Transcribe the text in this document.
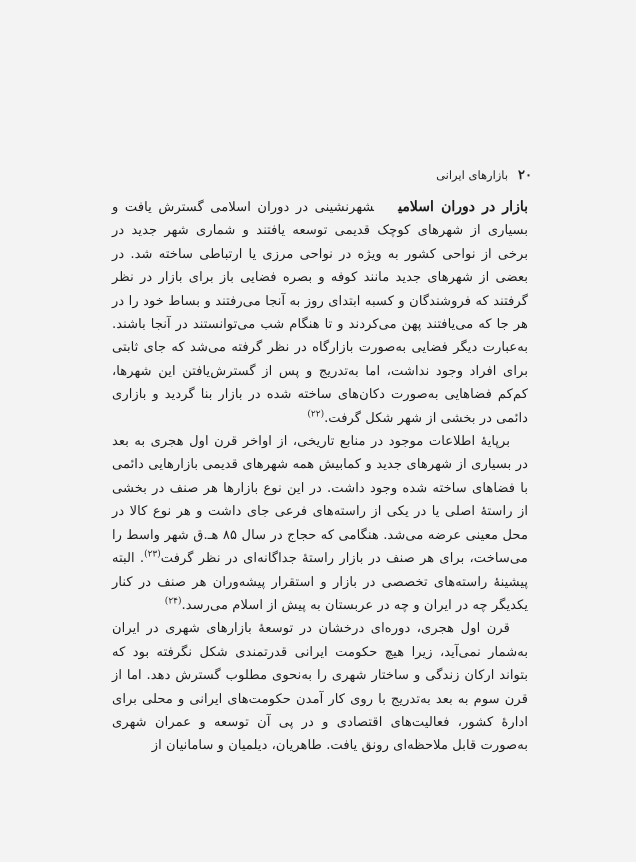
۲۰
بازارهای ایرانی

بازار در دوران اسلامیشهرنشینی در دوران اسلامی گسترش یافت و بسیاری از شهرهای کوچک قدیمی توسعه یافتند و شماری شهر جدید در برخی از نواحی کشور به ویژه در نواحی مرزی یا ارتباطی ساخته شد. در بعضی از شهرهای جدید مانند کوفه و بصره فضایی باز برای بازار در نظر گرفتند که فروشندگان و کسبه ابتدای روز به آنجا می‌رفتند و بساط خود را در هر جا که می‌یافتند پهن می‌کردند و تا هنگام شب می‌توانستند در آنجا باشند. به‌عبارت دیگر فضایی به‌صورت بازارگاه در نظر گرفته می‌شد که جای ثابتی برای افراد وجود نداشت، اما به‌تدریج و پس از گسترش‌یافتن این شهرها، کم‌کم فضاهایی به‌صورت دکان‌های ساخته شده در بازار بنا گردید و بازاری دائمی در بخشی از شهر شکل گرفت.$^{(۲۲)}$

برپایهٔ اطلاعات موجود در منابع تاریخی، از اواخر قرن اول هجری به بعد در بسیاری از شهرهای جدید و کمابیش همه شهرهای قدیمی بازارهایی دائمی با فضاهای ساخته شده وجود داشت. در این نوع بازارها هر صنف در بخشی از راستهٔ اصلی یا در یکی از راسته‌های فرعی جای داشت و هر نوع کالا در محل معینی عرضه می‌شد. هنگامی که حجاج در سال ۸۵ هـ.ق شهر واسط را می‌ساخت، برای هر صنف در بازار راستهٔ جداگانه‌ای در نظر گرفت$^{(۲۳)}$. البته پیشینهٔ راسته‌های تخصصی در بازار و استقرار پیشه‌وران هر صنف در کنار یکدیگر چه در ایران و چه در عربستان به پیش از اسلام می‌رسد.$^{(۲۴)}$

قرن اول هجری، دوره‌ای درخشان در توسعهٔ بازارهای شهری در ایران به‌شمار نمی‌آید، زیرا هیچ حکومت ایرانی قدرتمندی شکل نگرفته بود که بتواند ارکان زندگی و ساختار شهری را به‌نحوی مطلوب گسترش دهد. اما از قرن سوم به بعد به‌تدریج با روی کار آمدن حکومت‌های ایرانی و محلی برای ادارهٔ کشور، فعالیت‌های اقتصادی و در پی آن توسعه و عمران شهری به‌صورت قابل ملاحظه‌ای رونق یافت. طاهریان، دیلمیان و سامانیان از
